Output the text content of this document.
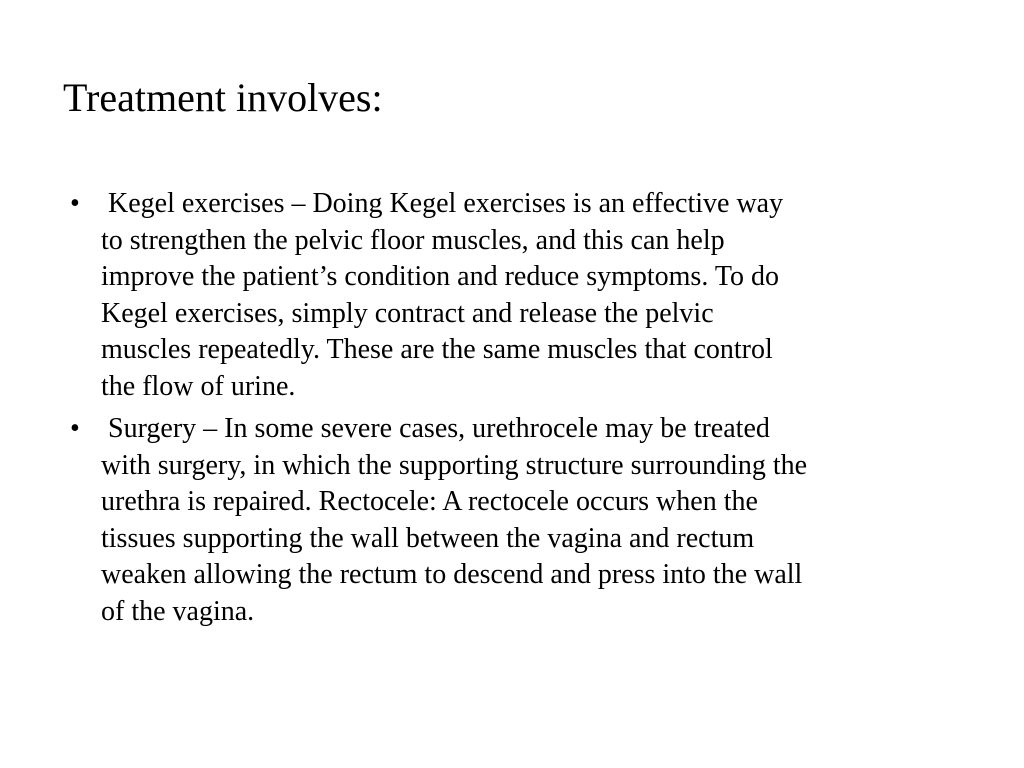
Treatment involves:
• Kegel exercises – Doing Kegel exercises is an effective way
to strengthen the pelvic floor muscles, and this can help
improve the patient’s condition and reduce symptoms. To do
Kegel exercises, simply contract and release the pelvic
muscles repeatedly. These are the same muscles that control
the flow of urine.
• Surgery – In some severe cases, urethrocele may be treated
with surgery, in which the supporting structure surrounding the
urethra is repaired. Rectocele: A rectocele occurs when the
tissues supporting the wall between the vagina and rectum
weaken allowing the rectum to descend and press into the wall
of the vagina.
